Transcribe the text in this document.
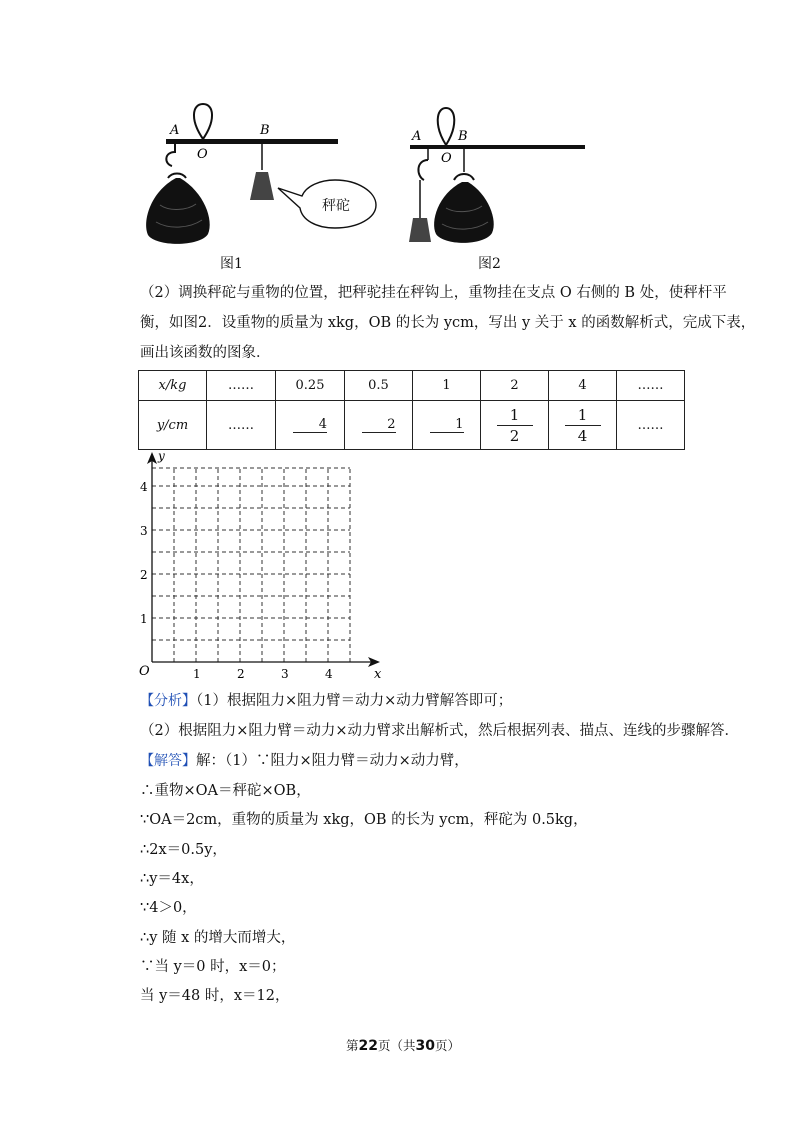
秤砣
A
O
B
图1
A
O
B
图2
（2）调换秤砣与重物的位置，把秤驼挂在秤钩上，重物挂在支点 O 右侧的 B 处，使秤杆平
衡，如图2．设重物的质量为 xkg，OB 的长为 ycm，写出 y 关于 x 的函数解析式，完成下表，
画出该函数的图象．
x/kg	……	0.25	0.5	1	2	4	……
y/cm	……	4	2	1	$\frac{1}{2}$	$\frac{1}{4}$	……
y
x
O	1	2	3	4
1
2
3
4
【分析】（1）根据阻力×阻力臂＝动力×动力臂解答即可；
（2）根据阻力×阻力臂＝动力×动力臂求出解析式，然后根据列表、描点、连线的步骤解答．
【解答】解：（1）∵阻力×阻力臂＝动力×动力臂，
∴重物×OA＝秤砣×OB，
∵OA＝2cm，重物的质量为 xkg，OB 的长为 ycm，秤砣为 0.5kg，
∴2x＝0.5y，
∴y＝4x，
∵4＞0，
∴y 随 x 的增大而增大，
∵当 y＝0 时，x＝0；
当 y＝48 时，x＝12，
第22页（共30页）
